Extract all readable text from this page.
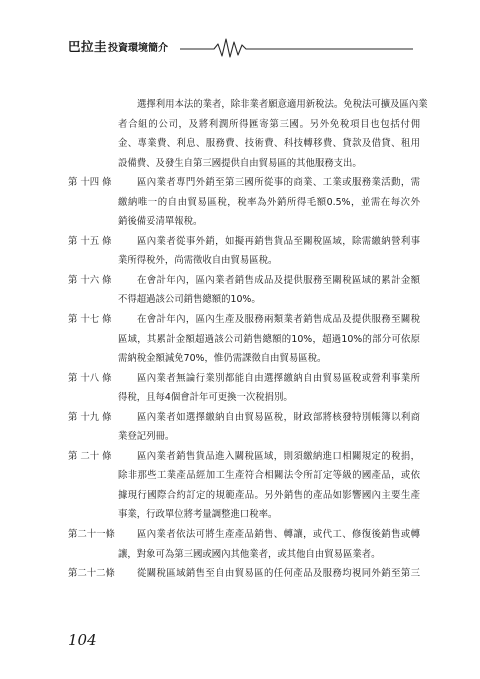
巴拉圭投資環境簡介
選擇利用本法的業者，除非業者願意適用新稅法。免稅法可擴及區內業
者合組的公司，及將利潤所得匯寄第三國。另外免稅項目也包括付佣
金、專業費、利息、服務費、技術費、科技轉移費、貸款及借貸、租用
設備費、及發生自第三國提供自由貿易區的其他服務支出。
第 十四 條	區內業者專門外銷至第三國所從事的商業、工業或服務業活動，需
繳納唯一的自由貿易區稅，稅率為外銷所得毛額0.5%，並需在每次外
銷後備妥清單報稅。
第 十五 條	區內業者從事外銷，如擬再銷售貨品至關稅區域，除需繳納營利事
業所得稅外，尚需徵收自由貿易區稅。
第 十六 條	在會計年內，區內業者銷售成品及提供服務至關稅區域的累計金額
不得超過該公司銷售總額的10%。
第 十七 條	在會計年內，區內生產及服務兩類業者銷售成品及提供服務至關稅
區域，其累計金額超過該公司銷售總額的10%，超過10%的部分可依原
需納稅金額減免70%，惟仍需課徵自由貿易區稅。
第 十八 條	區內業者無論行業別都能自由選擇繳納自由貿易區稅或營利事業所
得稅，且每4個會計年可更換一次稅捐別。
第 十九 條	區內業者如選擇繳納自由貿易區稅，財政部將核發特別帳簿以利商
業登記列冊。
第 二十 條	區內業者銷售貨品進入關稅區域，則須繳納進口相關規定的稅捐，
除非那些工業產品經加工生產符合相關法令所訂定等級的國產品，或依
據現行國際合約訂定的規範產品。另外銷售的產品如影響國內主要生產
事業，行政單位將考量調整進口稅率。
第二十一條	區內業者依法可將生產產品銷售、轉讓，或代工、修復後銷售或轉
讓，對象可為第三國或國內其他業者，或其他自由貿易區業者。
第二十二條	從關稅區域銷售至自由貿易區的任何產品及服務均視同外銷至第三
104
